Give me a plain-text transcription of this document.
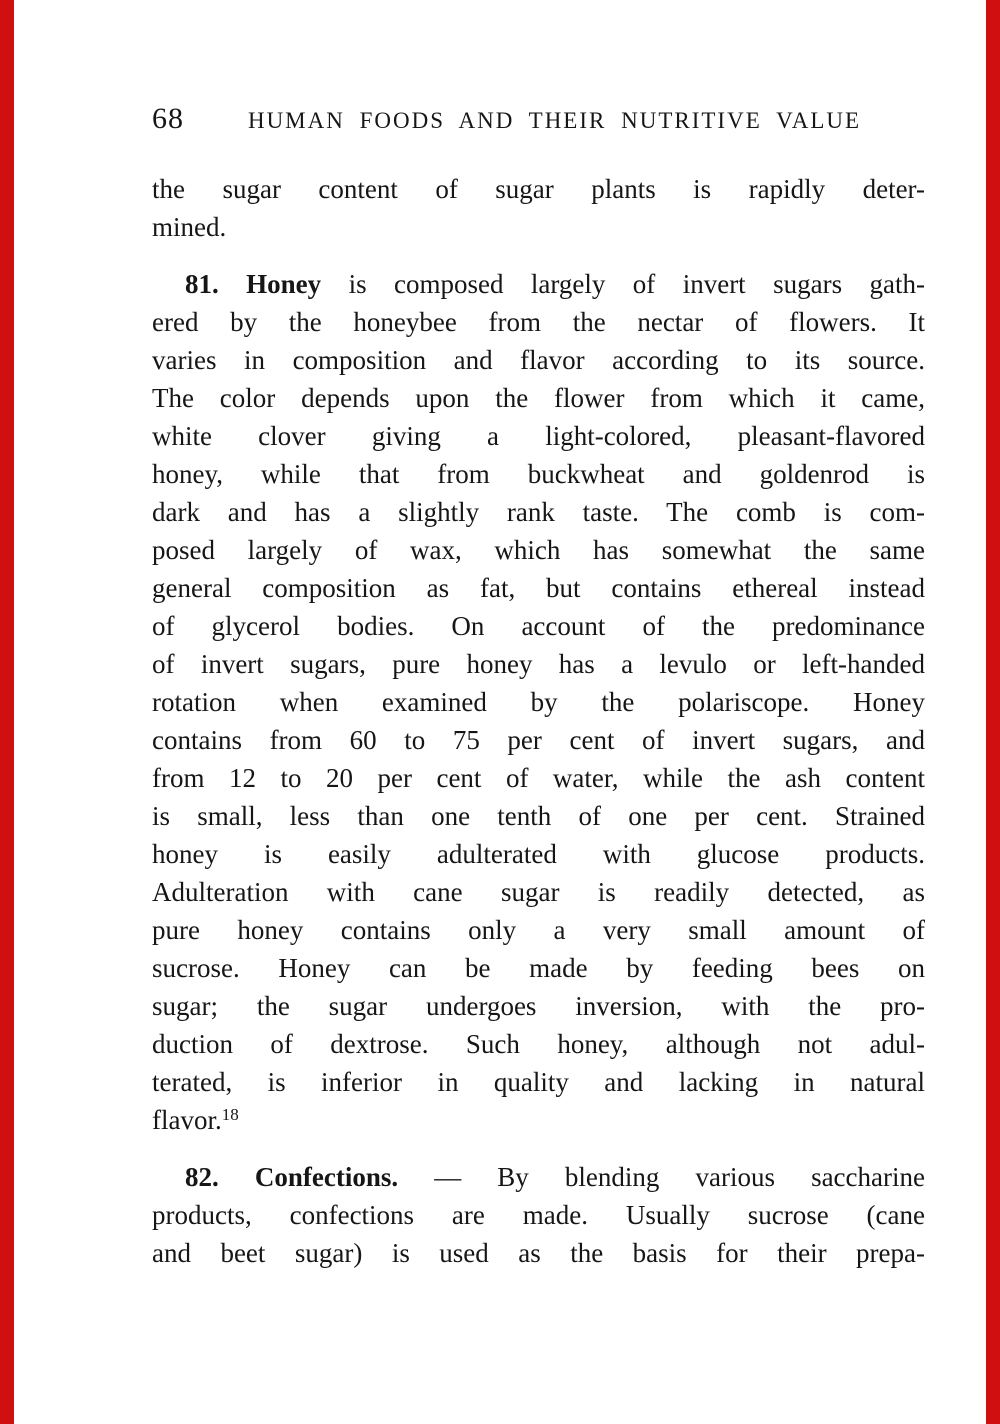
68	HUMAN FOODS AND THEIR NUTRITIVE VALUE
the sugar content of sugar plants is rapidly deter-
mined.
81. Honey is composed largely of invert sugars gath-
ered by the honeybee from the nectar of flowers. It
varies in composition and flavor according to its source.
The color depends upon the flower from which it came,
white clover giving a light-colored, pleasant-flavored
honey, while that from buckwheat and goldenrod is
dark and has a slightly rank taste. The comb is com-
posed largely of wax, which has somewhat the same
general composition as fat, but contains ethereal instead
of glycerol bodies. On account of the predominance
of invert sugars, pure honey has a levulo or left-handed
rotation when examined by the polariscope. Honey
contains from 60 to 75 per cent of invert sugars, and
from 12 to 20 per cent of water, while the ash content
is small, less than one tenth of one per cent. Strained
honey is easily adulterated with glucose products.
Adulteration with cane sugar is readily detected, as
pure honey contains only a very small amount of
sucrose. Honey can be made by feeding bees on
sugar; the sugar undergoes inversion, with the pro-
duction of dextrose. Such honey, although not adul-
terated, is inferior in quality and lacking in natural
flavor.$^{18}$
82. Confections. — By blending various saccharine
products, confections are made. Usually sucrose (cane
and beet sugar) is used as the basis for their prepa-
